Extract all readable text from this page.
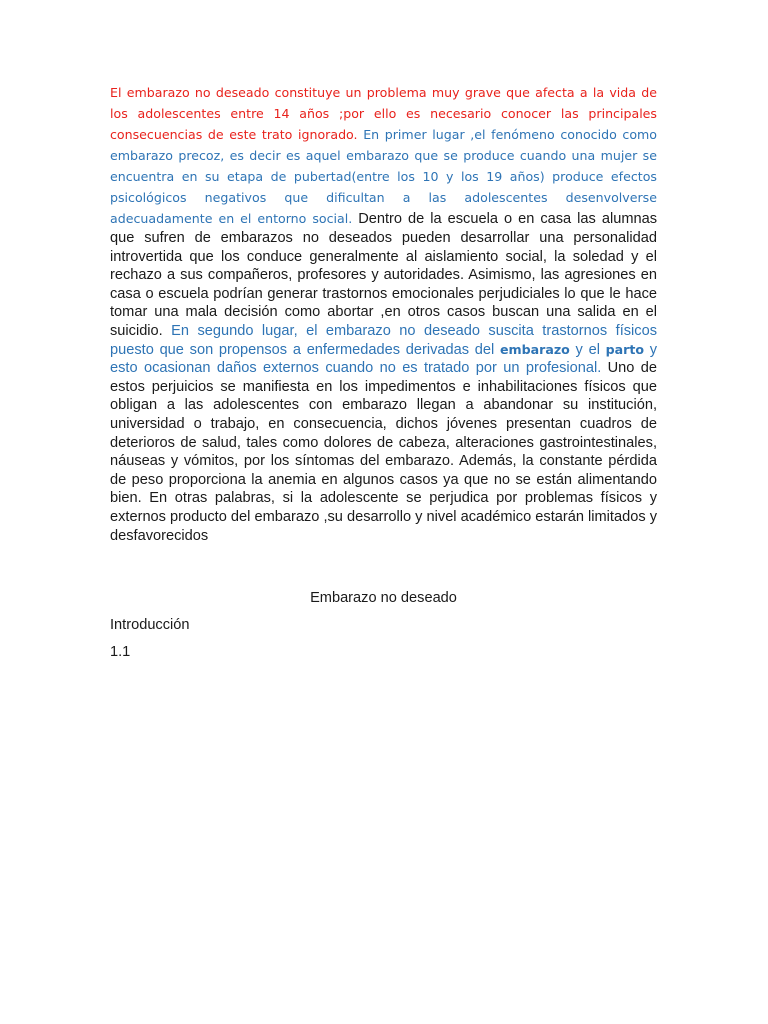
El embarazo no deseado constituye un problema muy grave que afecta a la vida de los adolescentes entre 14 años ;por ello es necesario conocer las principales consecuencias de este trato ignorado. En primer lugar ,el fenómeno conocido como embarazo precoz, es decir es aquel embarazo que se produce cuando una mujer se encuentra en su etapa de pubertad(entre los 10 y los 19 años) produce efectos psicológicos negativos que dificultan a las adolescentes desenvolverse adecuadamente en el entorno social. Dentro de la escuela o en casa las alumnas que sufren de embarazos no deseados pueden desarrollar una personalidad introvertida que los conduce generalmente al aislamiento social, la soledad y el rechazo a sus compañeros, profesores y autoridades. Asimismo, las agresiones en casa o escuela podrían generar trastornos emocionales perjudiciales lo que le hace tomar una mala decisión como abortar ,en otros casos buscan una salida en el suicidio. En segundo lugar, el embarazo no deseado suscita trastornos físicos puesto que son propensos a enfermedades derivadas del embarazo y el parto y esto ocasionan daños externos cuando no es tratado por un profesional. Uno de estos perjuicios se manifiesta en los impedimentos e inhabilitaciones físicos que obligan a las adolescentes con embarazo llegan a abandonar su institución, universidad o trabajo, en consecuencia, dichos jóvenes presentan cuadros de deterioros de salud, tales como dolores de cabeza, alteraciones gastrointestinales, náuseas y vómitos, por los síntomas del embarazo. Además, la constante pérdida de peso proporciona la anemia en algunos casos ya que no se están alimentando bien. En otras palabras, si la adolescente se perjudica por problemas físicos y externos producto del embarazo ,su desarrollo y nivel académico estarán limitados y desfavorecidos

Embarazo no deseado

Introducción

1.1
